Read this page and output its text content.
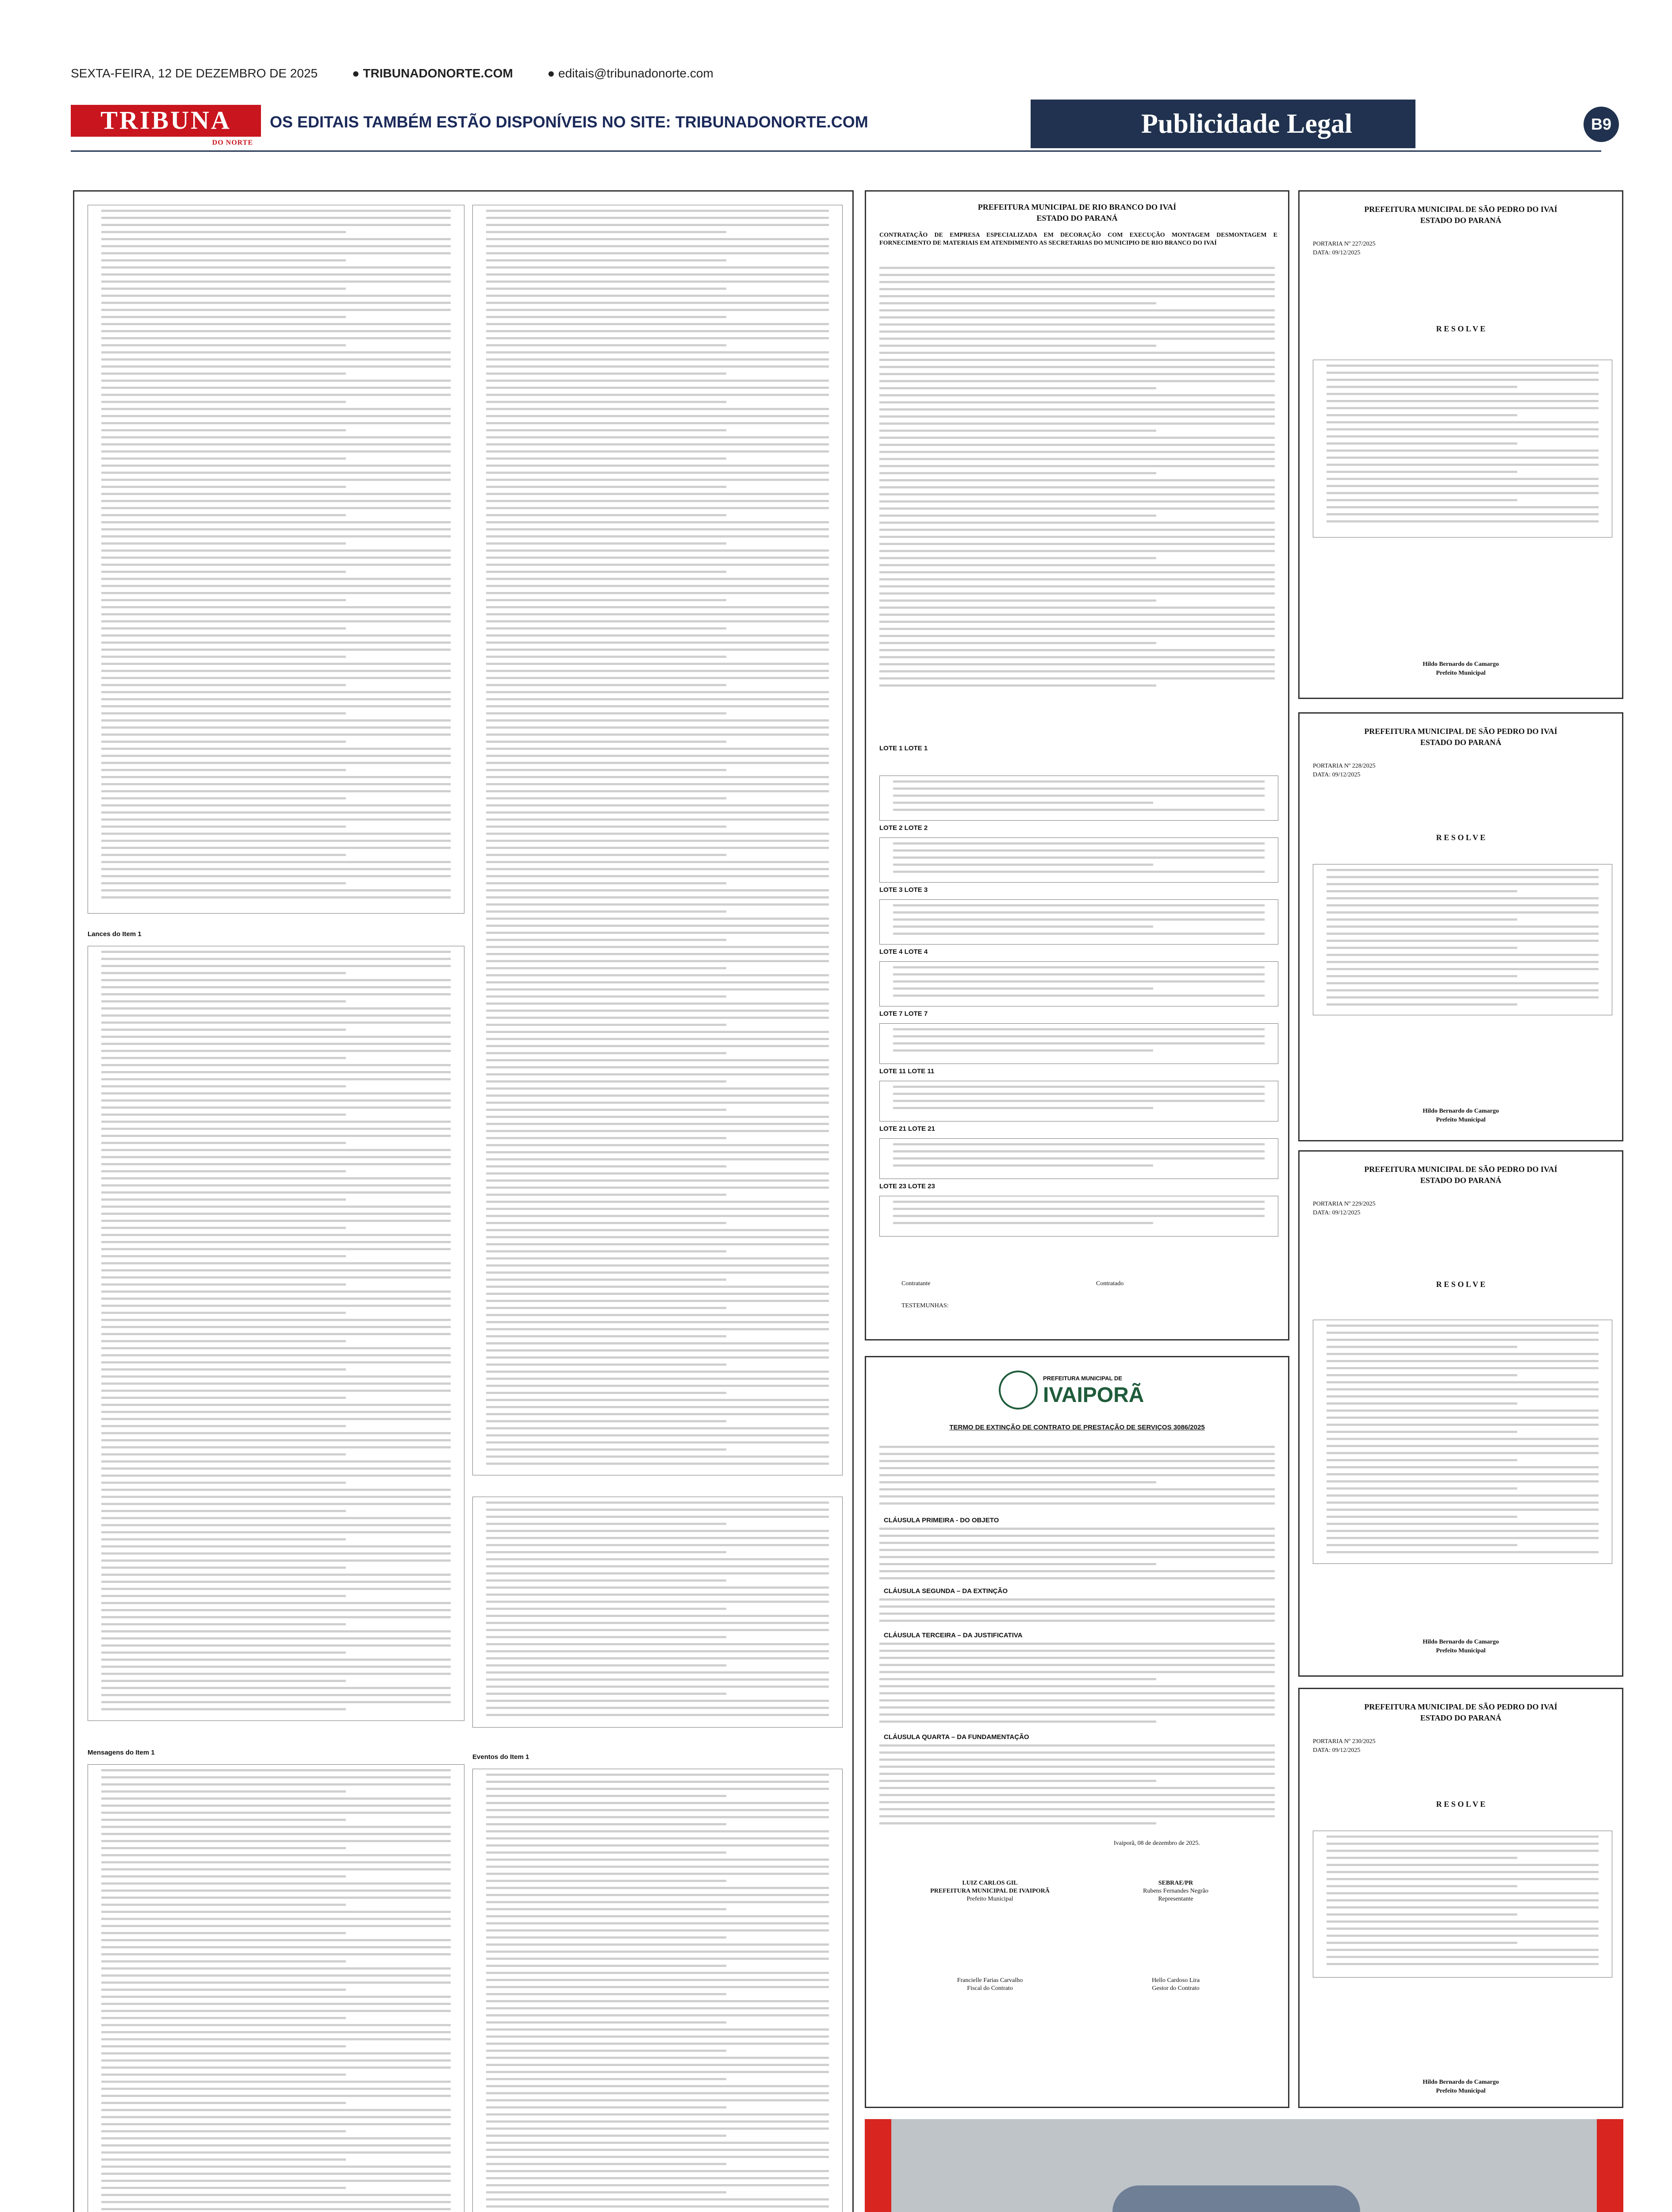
SEXTA-FEIRA, 12 DE DEZEMBRO DE 2025	● TRIBUNADONORTE.COM	● editais@tribunadonorte.com
TRIBUNA
DO NORTE
OS EDITAIS TAMBÉM ESTÃO DISPONÍVEIS NO SITE: TRIBUNADONORTE.COM	Publicidade Legal	B9
Lances do Item 1
Mensagens do Item 1
Eventos do Item 1
PREFEITURA MUNICIPAL DE RIO BRANCO DO IVAÍ
ESTADO DO PARANÁ
CONTRATAÇÃO DE EMPRESA ESPECIALIZADA EM DECORAÇÃO COM EXECUÇÃO MONTAGEM DESMONTAGEM E FORNECIMENTO DE MATERIAIS EM ATENDIMENTO AS SECRETARIAS DO MUNICIPIO DE RIO BRANCO DO IVAÍ
LOTE 1 LOTE 1
LOTE 2 LOTE 2
LOTE 3 LOTE 3
LOTE 4 LOTE 4
LOTE 7 LOTE 7
LOTE 11 LOTE 11
LOTE 21 LOTE 21
LOTE 23 LOTE 23
Contratante	Contratado
TESTEMUNHAS:
PREFEITURA MUNICIPAL DE
IVAIPORÃ
TERMO DE EXTINÇÃO DE CONTRATO DE PRESTAÇÃO DE SERVIÇOS 3086/2025
CLÁUSULA PRIMEIRA - DO OBJETO
CLÁUSULA SEGUNDA – DA EXTINÇÃO
CLÁUSULA TERCEIRA – DA JUSTIFICATIVA
CLÁUSULA QUARTA – DA FUNDAMENTAÇÃO
Ivaiporã, 08 de dezembro de 2025.
LUIZ CARLOS GIL
PREFEITURA MUNICIPAL DE IVAIPORÃ
Prefeito Municipal
SEBRAE/PR
Rubens Fernandes Negrão
Representante
Francielle Farias Carvalho
Fiscal do Contrato
Hello Cardoso Lira
Gestor do Contrato
PREFEITURA MUNICIPAL DE SÃO PEDRO DO IVAÍ
ESTADO DO PARANÁ
PORTARIA Nº 227/2025
DATA: 09/12/2025
R E S O L V E
Hildo Bernardo do Camargo
Prefeito Municipal
PREFEITURA MUNICIPAL DE SÃO PEDRO DO IVAÍ
ESTADO DO PARANÁ
PORTARIA Nº 228/2025
DATA: 09/12/2025
R E S O L V E
Hildo Bernardo do Camargo
Prefeito Municipal
PREFEITURA MUNICIPAL DE SÃO PEDRO DO IVAÍ
ESTADO DO PARANÁ
PORTARIA Nº 229/2025
DATA: 09/12/2025
R E S O L V E
Hildo Bernardo do Camargo
Prefeito Municipal
PREFEITURA MUNICIPAL DE SÃO PEDRO DO IVAÍ
ESTADO DO PARANÁ
PORTARIA Nº 230/2025
DATA: 09/12/2025
R E S O L V E
Hildo Bernardo do Camargo
Prefeito Municipal
